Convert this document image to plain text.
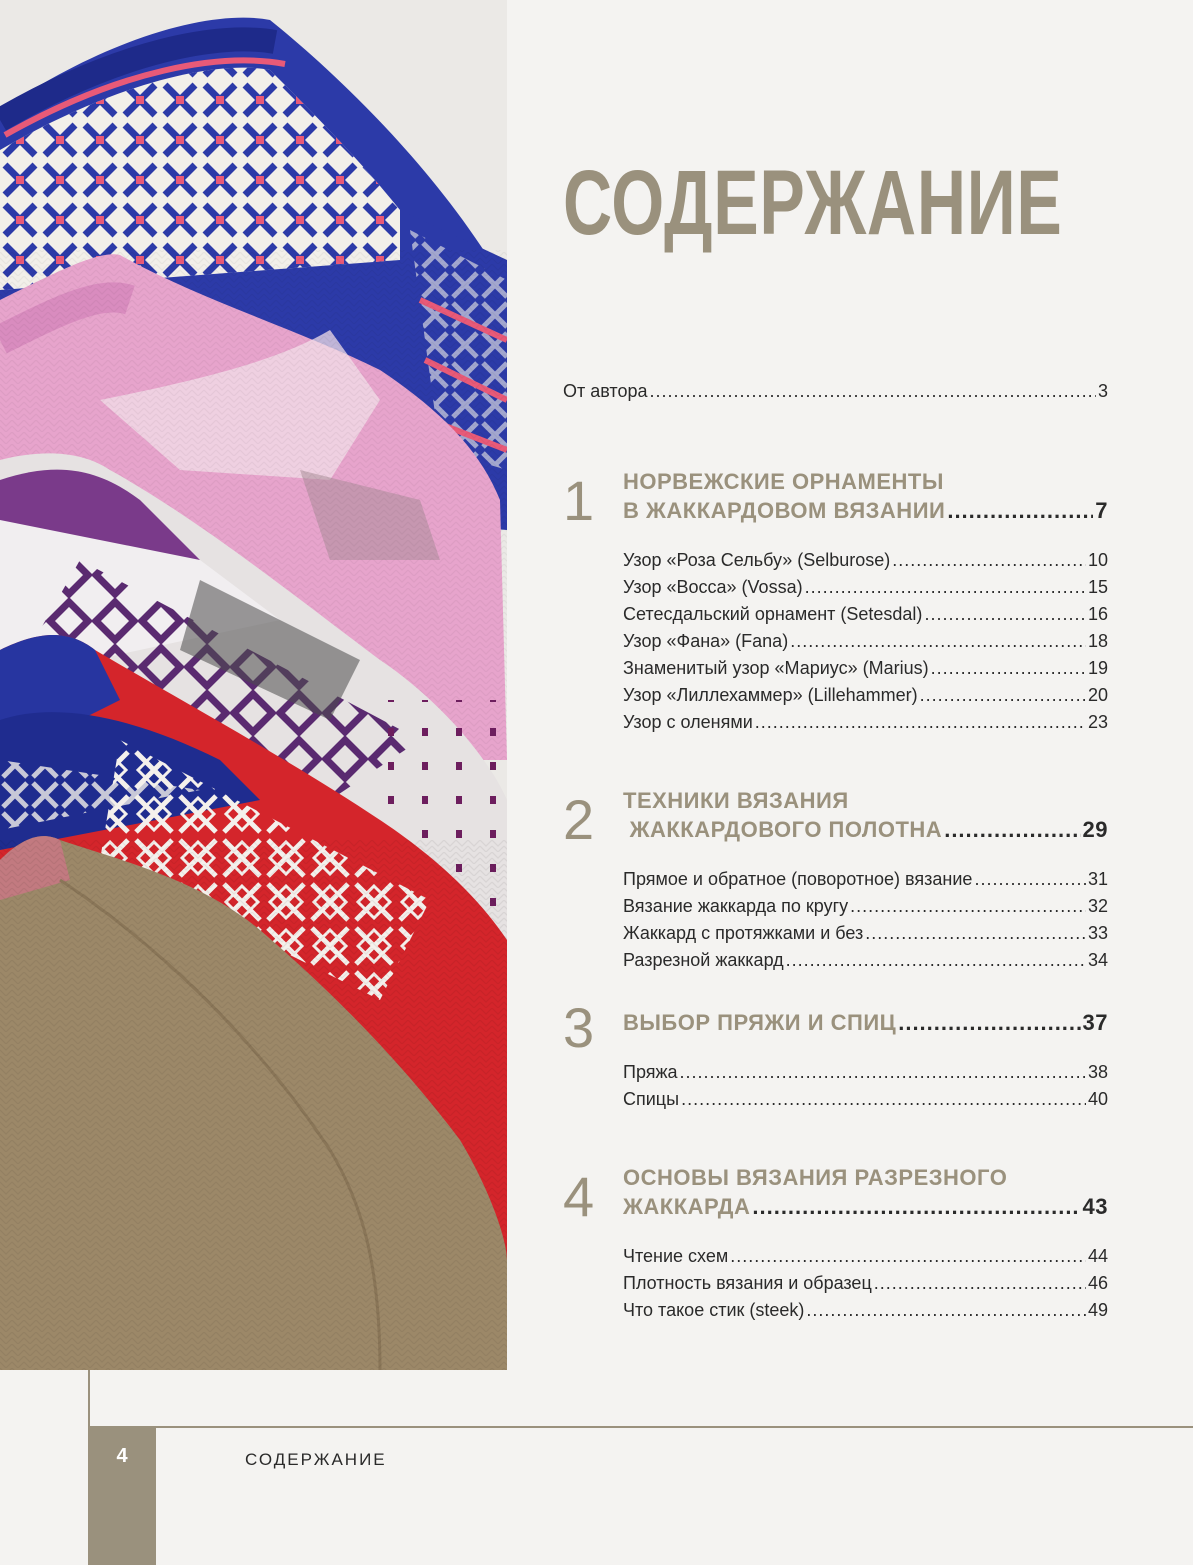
СОДЕРЖАНИЕ
От автора .....	3
1 НОРВЕЖСКИЕ ОРНАМЕНТЫ
В ЖАККАРДОВОМ ВЯЗАНИИ .....	7
Узор «Роза Сельбу» (Selburose) .....	10
Узор «Восса» (Vossa) .....	15
Сетесдальский орнамент (Setesdal) .....	16
Узор «Фана» (Fana) .....	18
Знаменитый узор «Мариус» (Marius) .....	19
Узор «Лиллехаммер» (Lillehammer) .....	20
Узор с оленями .....	23
2 ТЕХНИКИ ВЯЗАНИЯ
ЖАККАРДОВОГО ПОЛОТНА .....	29
Прямое и обратное (поворотное) вязание .....	31
Вязание жаккарда по кругу .....	32
Жаккард с протяжками и без .....	33
Разрезной жаккард .....	34
3 ВЫБОР ПРЯЖИ И СПИЦ .....	37
Пряжа .....	38
Спицы .....	40
4 ОСНОВЫ ВЯЗАНИЯ РАЗРЕЗНОГО
ЖАККАРДА .....	43
Чтение схем .....	44
Плотность вязания и образец .....	46
Что такое стик (steek) .....	49
4	СОДЕРЖАНИЕ
